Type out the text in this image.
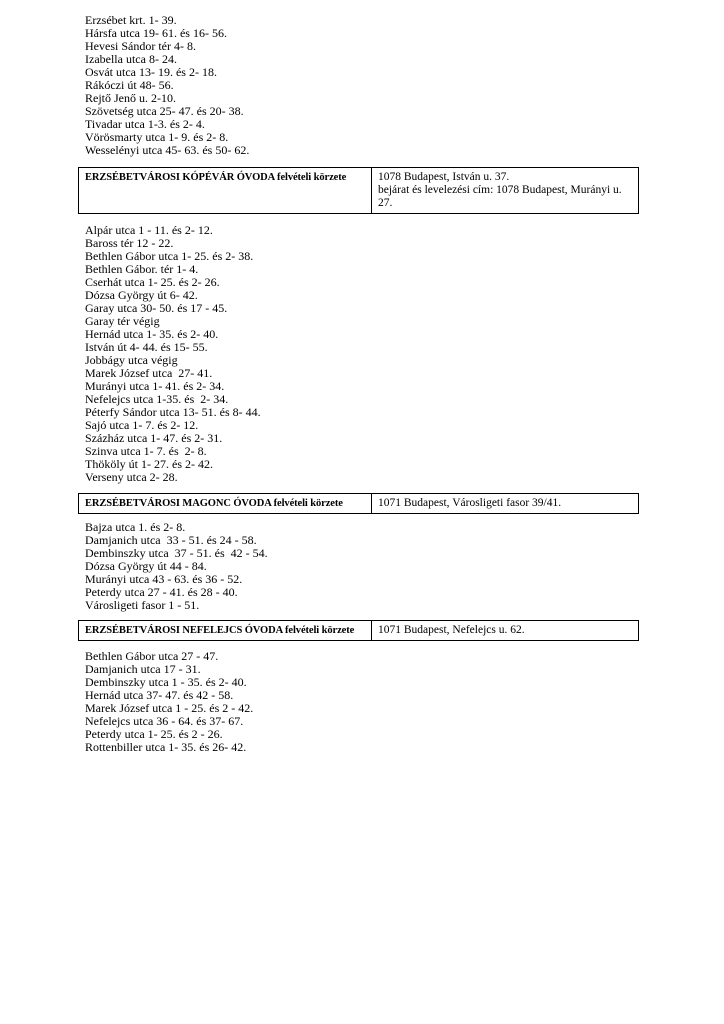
Erzsébet krt. 1- 39.
Hársfa utca 19- 61. és 16- 56.
Hevesi Sándor tér 4- 8.
Izabella utca 8- 24.
Osvát utca 13- 19. és 2- 18.
Rákóczi út 48- 56.
Rejtő Jenő u. 2-10.
Szövetség utca 25- 47. és 20- 38.
Tivadar utca 1-3. és 2- 4.
Vörösmarty utca 1- 9. és 2- 8.
Wesselényi utca 45- 63. és 50- 62.
ERZSÉBETVÁROSI KÓPÉVÁR ÓVODA felvételi körzete	1078 Budapest, István u. 37.
bejárat és levelezési cím: 1078 Budapest, Murányi u. 27.
Alpár utca 1 - 11. és 2- 12.
Baross tér 12 - 22.
Bethlen Gábor utca 1- 25. és 2- 38.
Bethlen Gábor. tér 1- 4.
Cserhát utca 1- 25. és 2- 26.
Dózsa György út 6- 42.
Garay utca 30- 50. és 17 - 45.
Garay tér végig
Hernád utca 1- 35. és 2- 40.
István út 4- 44. és 15- 55.
Jobbágy utca végig
Marek József utca  27- 41.
Murányi utca 1- 41. és 2- 34.
Nefelejcs utca 1-35. és  2- 34.
Péterfy Sándor utca 13- 51. és 8- 44.
Sajó utca 1- 7. és 2- 12.
Százház utca 1- 47. és 2- 31.
Szinva utca 1- 7. és  2- 8.
Thököly út 1- 27. és 2- 42.
Verseny utca 2- 28.
ERZSÉBETVÁROSI MAGONC ÓVODA felvételi körzete	1071 Budapest, Városligeti fasor 39/41.
Bajza utca 1. és 2- 8.
Damjanich utca  33 - 51. és 24 - 58.
Dembinszky utca  37 - 51. és  42 - 54.
Dózsa György út 44 - 84.
Murányi utca 43 - 63. és 36 - 52.
Peterdy utca 27 - 41. és 28 - 40.
Városligeti fasor 1 - 51.
ERZSÉBETVÁROSI NEFELEJCS ÓVODA felvételi körzete	1071 Budapest, Nefelejcs u. 62.
Bethlen Gábor utca 27 - 47.
Damjanich utca 17 - 31.
Dembinszky utca 1 - 35. és 2- 40.
Hernád utca 37- 47. és 42 - 58.
Marek József utca 1 - 25. és 2 - 42.
Nefelejcs utca 36 - 64. és 37- 67.
Peterdy utca 1- 25. és 2 - 26.
Rottenbiller utca 1- 35. és 26- 42.
